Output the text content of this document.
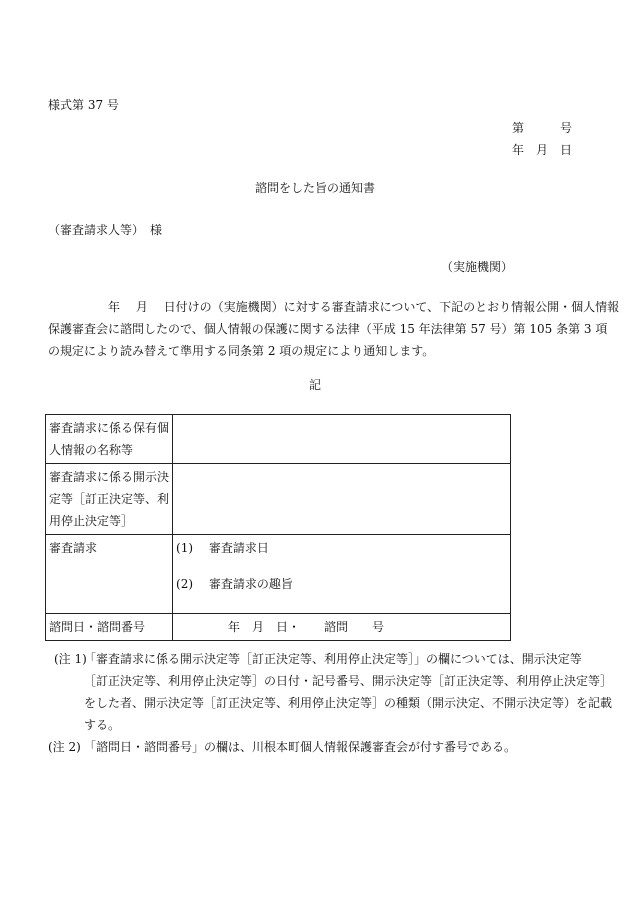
様式第 37 号
第　　　号
年　月　日
諮問をした旨の通知書
（審査請求人等）　様
（実施機関）
　　　　　年　 月　 日付けの（実施機関）に対する審査請求について、下記のとおり情報公開・個人情報
保護審査会に諮問したので、個人情報の保護に関する法律（平成 15 年法律第 57 号）第 105 条第 3 項
の規定により読み替えて準用する同条第 2 項の規定により通知します。
記
審査請求に係る保有個
人情報の名称等	

審査請求に係る開示決
定等［訂正決定等、利
用停止決定等］	

審査請求	(1)　 審査請求日
(2)　 審査請求の趣旨

諮問日・諮問番号	年　月　日・　　諮問　　号
(注 1)
「審査請求に係る開示決定等［訂正決定等、利用停止決定等］」の欄については、開示決定等
［訂正決定等、利用停止決定等］の日付・記号番号、開示決定等［訂正決定等、利用停止決定等］
をした者、開示決定等［訂正決定等、利用停止決定等］の種類（開示決定、不開示決定等）を記載
する。
(注 2) 「諮問日・諮問番号」の欄は、川根本町個人情報保護審査会が付す番号である。
